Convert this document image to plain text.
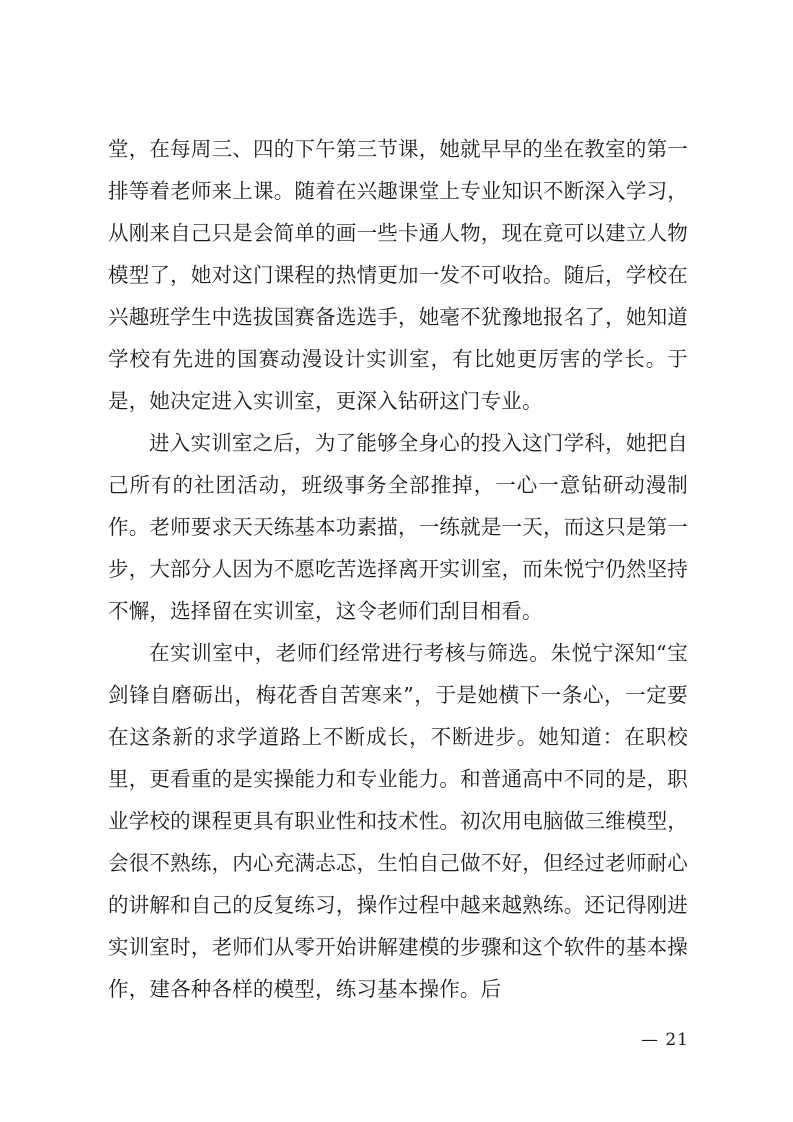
堂，在每周三、四的下午第三节课，她就早早的坐在教室的第一排等着老师来上课。随着在兴趣课堂上专业知识不断深入学习，从刚来自己只是会简单的画一些卡通人物，现在竟可以建立人物模型了，她对这门课程的热情更加一发不可收拾。随后，学校在兴趣班学生中选拔国赛备选选手，她毫不犹豫地报名了，她知道学校有先进的国赛动漫设计实训室，有比她更厉害的学长。于是，她决定进入实训室，更深入钻研这门专业。

进入实训室之后，为了能够全身心的投入这门学科，她把自己所有的社团活动，班级事务全部推掉，一心一意钻研动漫制作。老师要求天天练基本功素描，一练就是一天，而这只是第一步，大部分人因为不愿吃苦选择离开实训室，而朱悦宁仍然坚持不懈，选择留在实训室，这令老师们刮目相看。

在实训室中，老师们经常进行考核与筛选。朱悦宁深知“宝剑锋自磨砺出，梅花香自苦寒来”，于是她横下一条心，一定要在这条新的求学道路上不断成长，不断进步。她知道：在职校里，更看重的是实操能力和专业能力。和普通高中不同的是，职业学校的课程更具有职业性和技术性。初次用电脑做三维模型，会很不熟练，内心充满忐忑，生怕自己做不好，但经过老师耐心的讲解和自己的反复练习，操作过程中越来越熟练。还记得刚进实训室时，老师们从零开始讲解建模的步骤和这个软件的基本操作，建各种各样的模型，练习基本操作。后

— 21
